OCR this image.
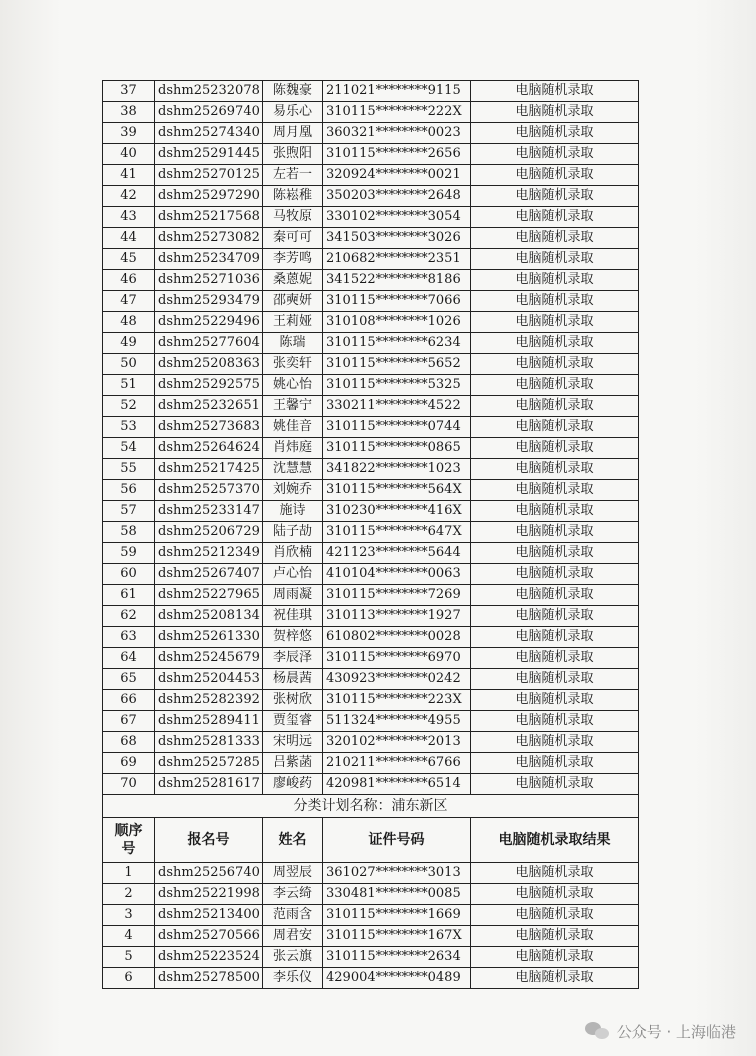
37	dshm25232078	陈魏豪	211021********9115	电脑随机录取
38	dshm25269740	易乐心	310115********222X	电脑随机录取
39	dshm25274340	周月凰	360321********0023	电脑随机录取
40	dshm25291445	张煦阳	310115********2656	电脑随机录取
41	dshm25270125	左若一	320924********0021	电脑随机录取
42	dshm25297290	陈崧稚	350203********2648	电脑随机录取
43	dshm25217568	马牧原	330102********3054	电脑随机录取
44	dshm25273082	秦可可	341503********3026	电脑随机录取
45	dshm25234709	李芳鸣	210682********2351	电脑随机录取
46	dshm25271036	桑蒽妮	341522********8186	电脑随机录取
47	dshm25293479	邵奭妍	310115********7066	电脑随机录取
48	dshm25229496	王莉娅	310108********1026	电脑随机录取
49	dshm25277604	陈瑞	310115********6234	电脑随机录取
50	dshm25208363	张奕轩	310115********5652	电脑随机录取
51	dshm25292575	姚心怡	310115********5325	电脑随机录取
52	dshm25232651	王馨宁	330211********4522	电脑随机录取
53	dshm25273683	姚佳音	310115********0744	电脑随机录取
54	dshm25264624	肖炜庭	310115********0865	电脑随机录取
55	dshm25217425	沈慧慧	341822********1023	电脑随机录取
56	dshm25257370	刘婉乔	310115********564X	电脑随机录取
57	dshm25233147	施诗	310230********416X	电脑随机录取
58	dshm25206729	陆子劼	310115********647X	电脑随机录取
59	dshm25212349	肖欣楠	421123********5644	电脑随机录取
60	dshm25267407	卢心怡	410104********0063	电脑随机录取
61	dshm25227965	周雨凝	310115********7269	电脑随机录取
62	dshm25208134	祝佳琪	310113********1927	电脑随机录取
63	dshm25261330	贺梓悠	610802********0028	电脑随机录取
64	dshm25245679	李辰泽	310115********6970	电脑随机录取
65	dshm25204453	杨晨茜	430923********0242	电脑随机录取
66	dshm25282392	张树欣	310115********223X	电脑随机录取
67	dshm25289411	贾玺睿	511324********4955	电脑随机录取
68	dshm25281333	宋明远	320102********2013	电脑随机录取
69	dshm25257285	吕紫菡	210211********6766	电脑随机录取
70	dshm25281617	廖峻药	420981********6514	电脑随机录取
分类计划名称：浦东新区				
顺序号	报名号	姓名	证件号码	电脑随机录取结果
1	dshm25256740	周翌辰	361027********3013	电脑随机录取
2	dshm25221998	李云绮	330481********0085	电脑随机录取
3	dshm25213400	范雨含	310115********1669	电脑随机录取
4	dshm25270566	周君安	310115********167X	电脑随机录取
5	dshm25223524	张云旗	310115********2634	电脑随机录取
6	dshm25278500	李乐仪	429004********0489	电脑随机录取
公众号 · 上海临港
